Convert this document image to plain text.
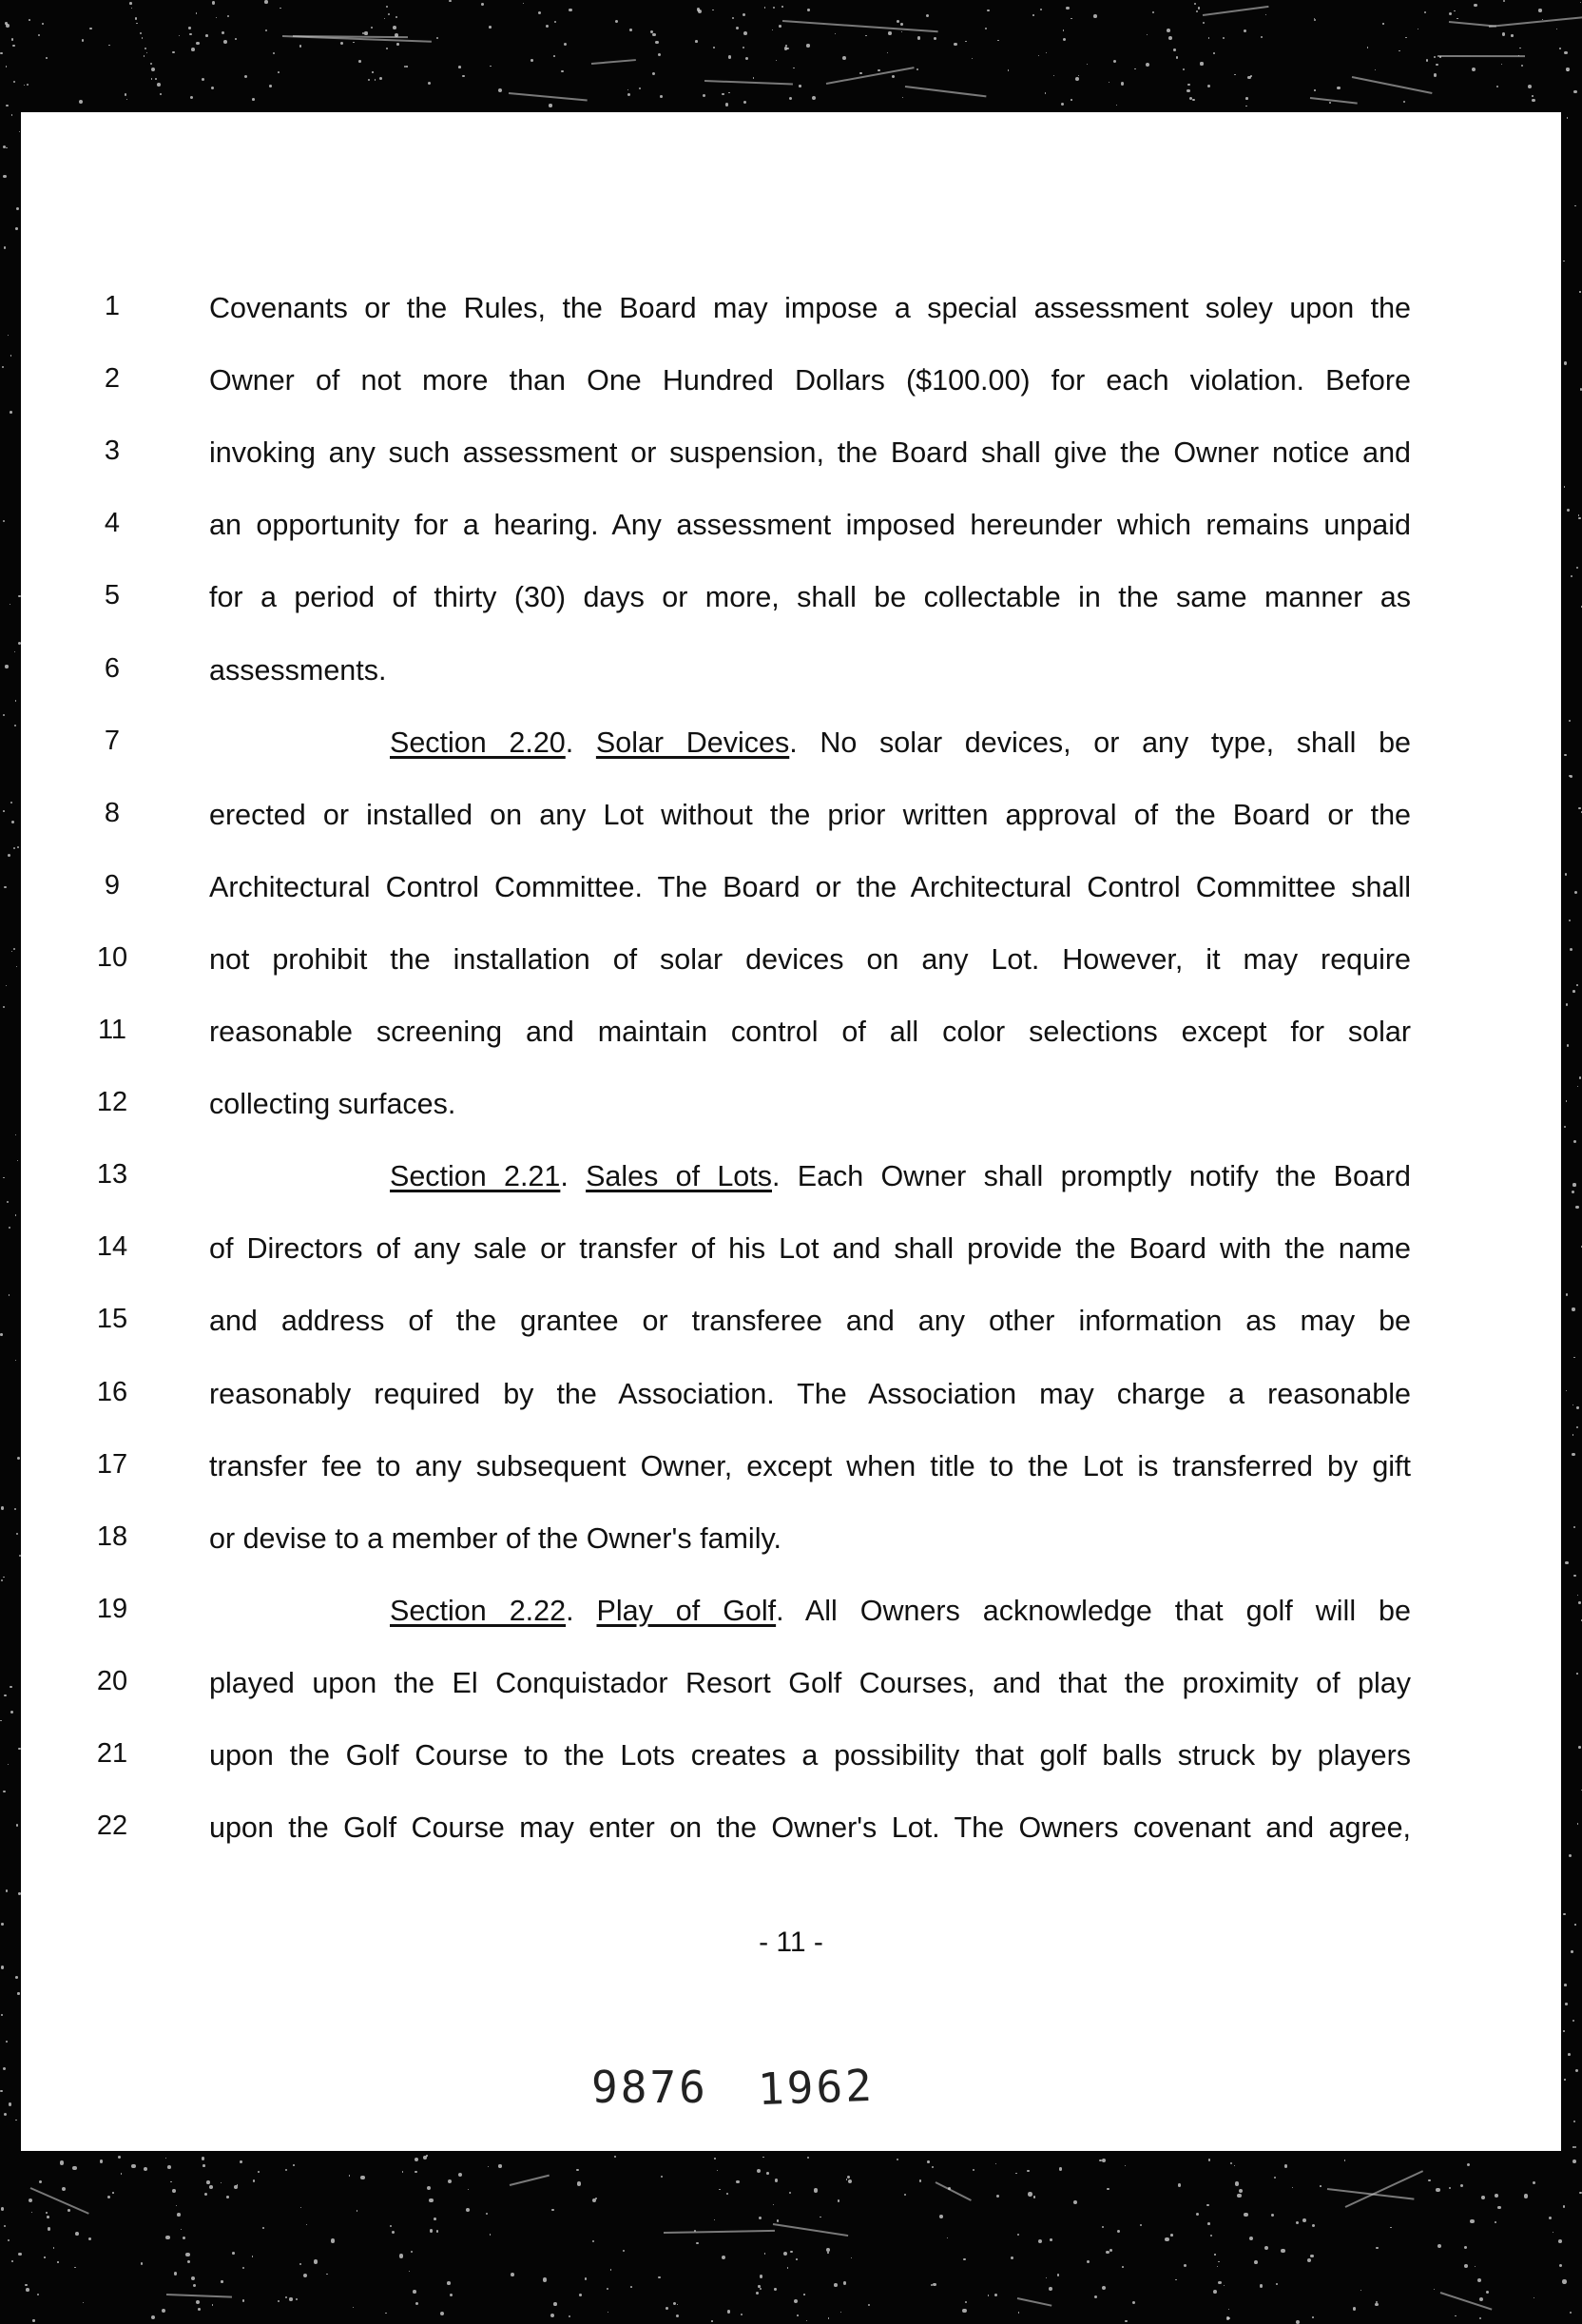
1	Covenants or the Rules, the Board may impose a special assessment soley upon the
2	Owner of not more than One Hundred Dollars ($100.00) for each violation. Before
3	invoking any such assessment or suspension, the Board shall give the Owner notice and
4	an opportunity for a hearing. Any assessment imposed hereunder which remains unpaid
5	for a period of thirty (30) days or more, shall be collectable in the same manner as
6	assessments.
7	Section 2.20. Solar Devices. No solar devices, or any type, shall be
8	erected or installed on any Lot without the prior written approval of the Board or the
9	Architectural Control Committee. The Board or the Architectural Control Committee shall
10	not prohibit the installation of solar devices on any Lot. However, it may require
11	reasonable screening and maintain control of all color selections except for solar
12	collecting surfaces.
13	Section 2.21. Sales of Lots. Each Owner shall promptly notify the Board
14	of Directors of any sale or transfer of his Lot and shall provide the Board with the name
15	and address of the grantee or transferee and any other information as may be
16	reasonably required by the Association. The Association may charge a reasonable
17	transfer fee to any subsequent Owner, except when title to the Lot is transferred by gift
18	or devise to a member of the Owner's family.
19	Section 2.22. Play of Golf. All Owners acknowledge that golf will be
20	played upon the El Conquistador Resort Golf Courses, and that the proximity of play
21	upon the Golf Course to the Lots creates a possibility that golf balls struck by players
22	upon the Golf Course may enter on the Owner's Lot. The Owners covenant and agree,
- 11 -
9876 1962
